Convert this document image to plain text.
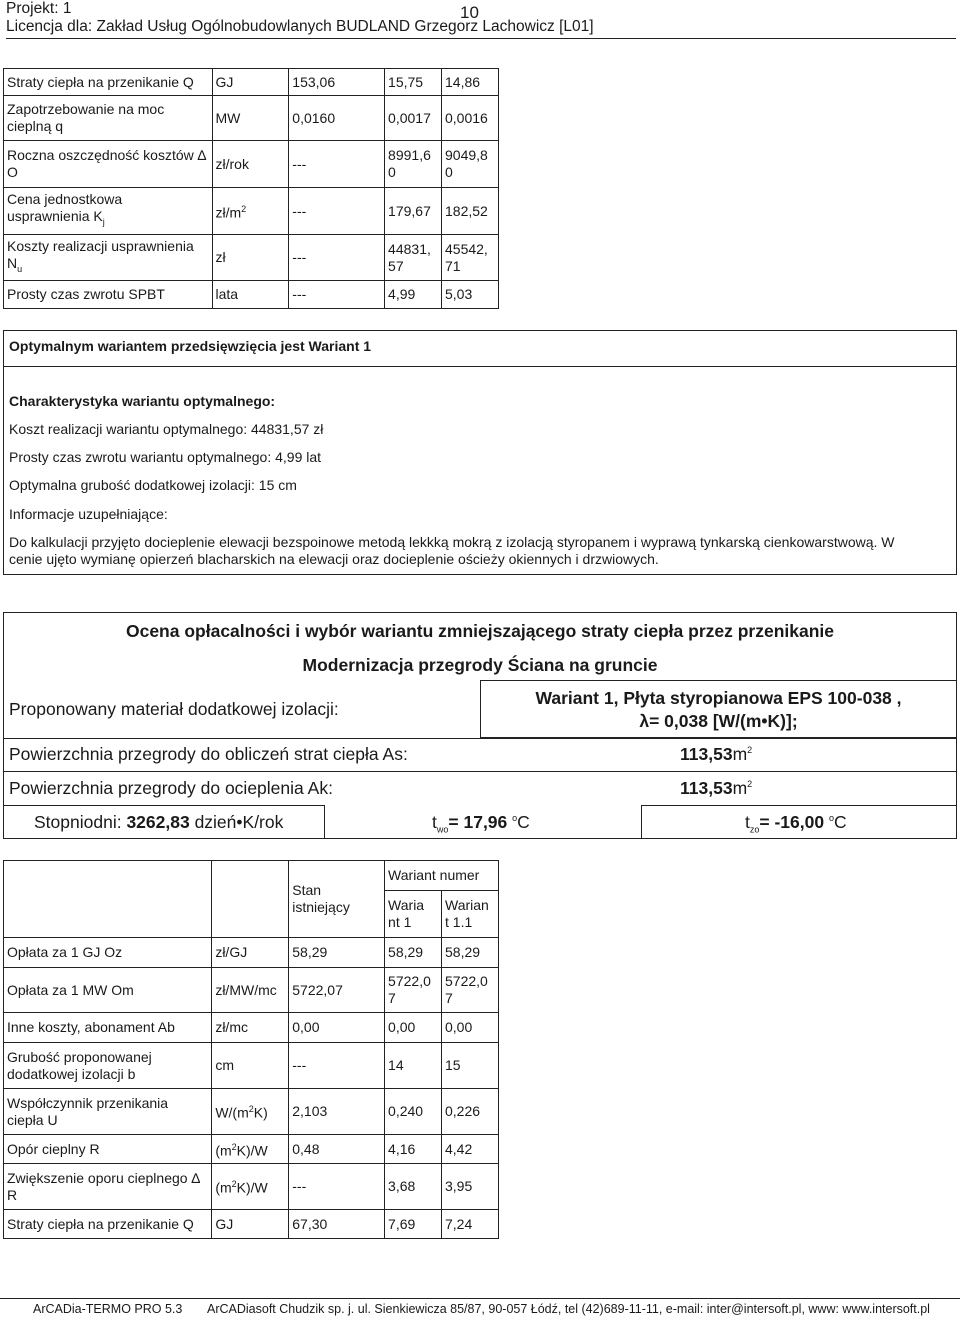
Projekt: 1	10
Licencja dla: Zakład Usług Ogólnobudowlanych BUDLAND Grzegorz Lachowicz [L01]
Straty ciepła na przenikanie Q	GJ	153,06	15,75	14,86
Zapotrzebowanie na moc cieplną q	MW	0,0160	0,0017	0,0016
Roczna oszczędność kosztów ∆ O	zł/rok	---	8991,6 0	9049,8 0
Cena jednostkowa usprawnienia $K_j$	$zł/m^2$	---	179,67	182,52
Koszty realizacji usprawnienia $N_u$	zł	---	44831, 57	45542, 71
Prosty czas zwrotu SPBT	lata	---	4,99	5,03
Optymalnym wariantem przedsięwzięcia jest Wariant 1
Charakterystyka wariantu optymalnego:
Koszt realizacji wariantu optymalnego: 44831,57 zł
Prosty czas zwrotu wariantu optymalnego: 4,99 lat
Optymalna grubość dodatkowej izolacji: 15 cm
Informacje uzupełniające:
Do kalkulacji przyjęto docieplenie elewacji bezspoinowe metodą lekkką mokrą z izolacją styropanem i wyprawą tynkarską cienkowarstwową. W
cenie ujęto wymianę opierzeń blacharskich na elewacji oraz docieplenie ościeży okiennych i drzwiowych.
Ocena opłacalności i wybór wariantu zmniejszającego straty ciepła przez przenikanie
Modernizacja przegrody Ściana na gruncie
Proponowany materiał dodatkowej izolacji:
Wariant 1, Płyta styropianowa EPS 100-038 ,
λ= 0,038 [W/(m•K)];
Powierzchnia przegrody do obliczeń strat ciepła As:	$113,53m^2$
Powierzchnia przegrody do ocieplenia Ak:	$113,53m^2$
Stopniodni: 3262,83 dzień•K/rok	$t_{wo}= 17,96$ $^o$C	$t_{zo}= -16,00$ $^o$C
		Stan istniejący	Wariant numer	
			Waria nt 1	Warian t 1.1
Opłata za 1 GJ Oz	zł/GJ	58,29	58,29	58,29
Opłata za 1 MW Om	zł/MW/mc	5722,07	5722,0 7	5722,0 7
Inne koszty, abonament Ab	zł/mc	0,00	0,00	0,00
Grubość proponowanej dodatkowej izolacji b	cm	---	14	15
Współczynnik przenikania ciepła U	$W/(m^2K)$	2,103	0,240	0,226
Opór cieplny R	$(m^2K)/W$	0,48	4,16	4,42
Zwiększenie oporu cieplnego ∆ R	$(m^2K)/W$	---	3,68	3,95
Straty ciepła na przenikanie Q	GJ	67,30	7,69	7,24
ArCADia-TERMO PRO 5.3 ArCADiasoft Chudzik sp. j. ul. Sienkiewicza 85/87, 90-057 Łódź, tel (42)689-11-11, e-mail: inter@intersoft.pl, www: www.intersoft.pl
